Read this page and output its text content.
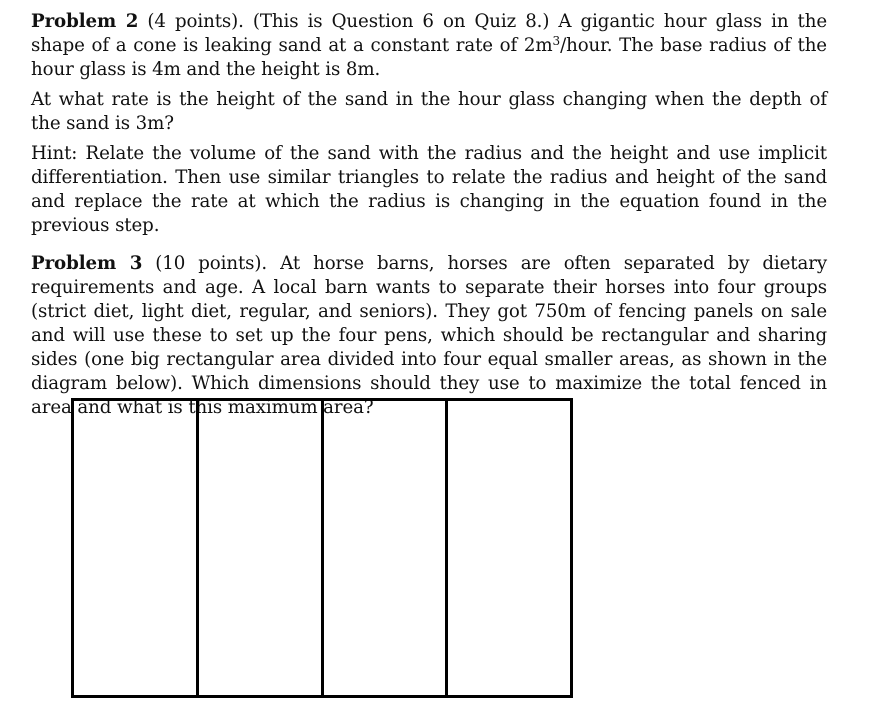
Problem 2 (4 points). (This is Question 6 on Quiz 8.) A gigantic hour glass in the shape of a cone is leaking sand at a constant rate of $2m^3$/hour. The base radius of the hour glass is 4m and the height is 8m.

At what rate is the height of the sand in the hour glass changing when the depth of the sand is 3m?

Hint: Relate the volume of the sand with the radius and the height and use implicit differentiation. Then use similar triangles to relate the radius and height of the sand and replace the rate at which the radius is changing in the equation found in the previous step.

Problem 3 (10 points). At horse barns, horses are often separated by dietary requirements and age. A local barn wants to separate their horses into four groups (strict diet, light diet, regular, and seniors). They got 750m of fencing panels on sale and will use these to set up the four pens, which should be rectangular and sharing sides (one big rectangular area divided into four equal smaller areas, as shown in the diagram below). Which dimensions should they use to maximize the total fenced in area and what is this maximum area?
